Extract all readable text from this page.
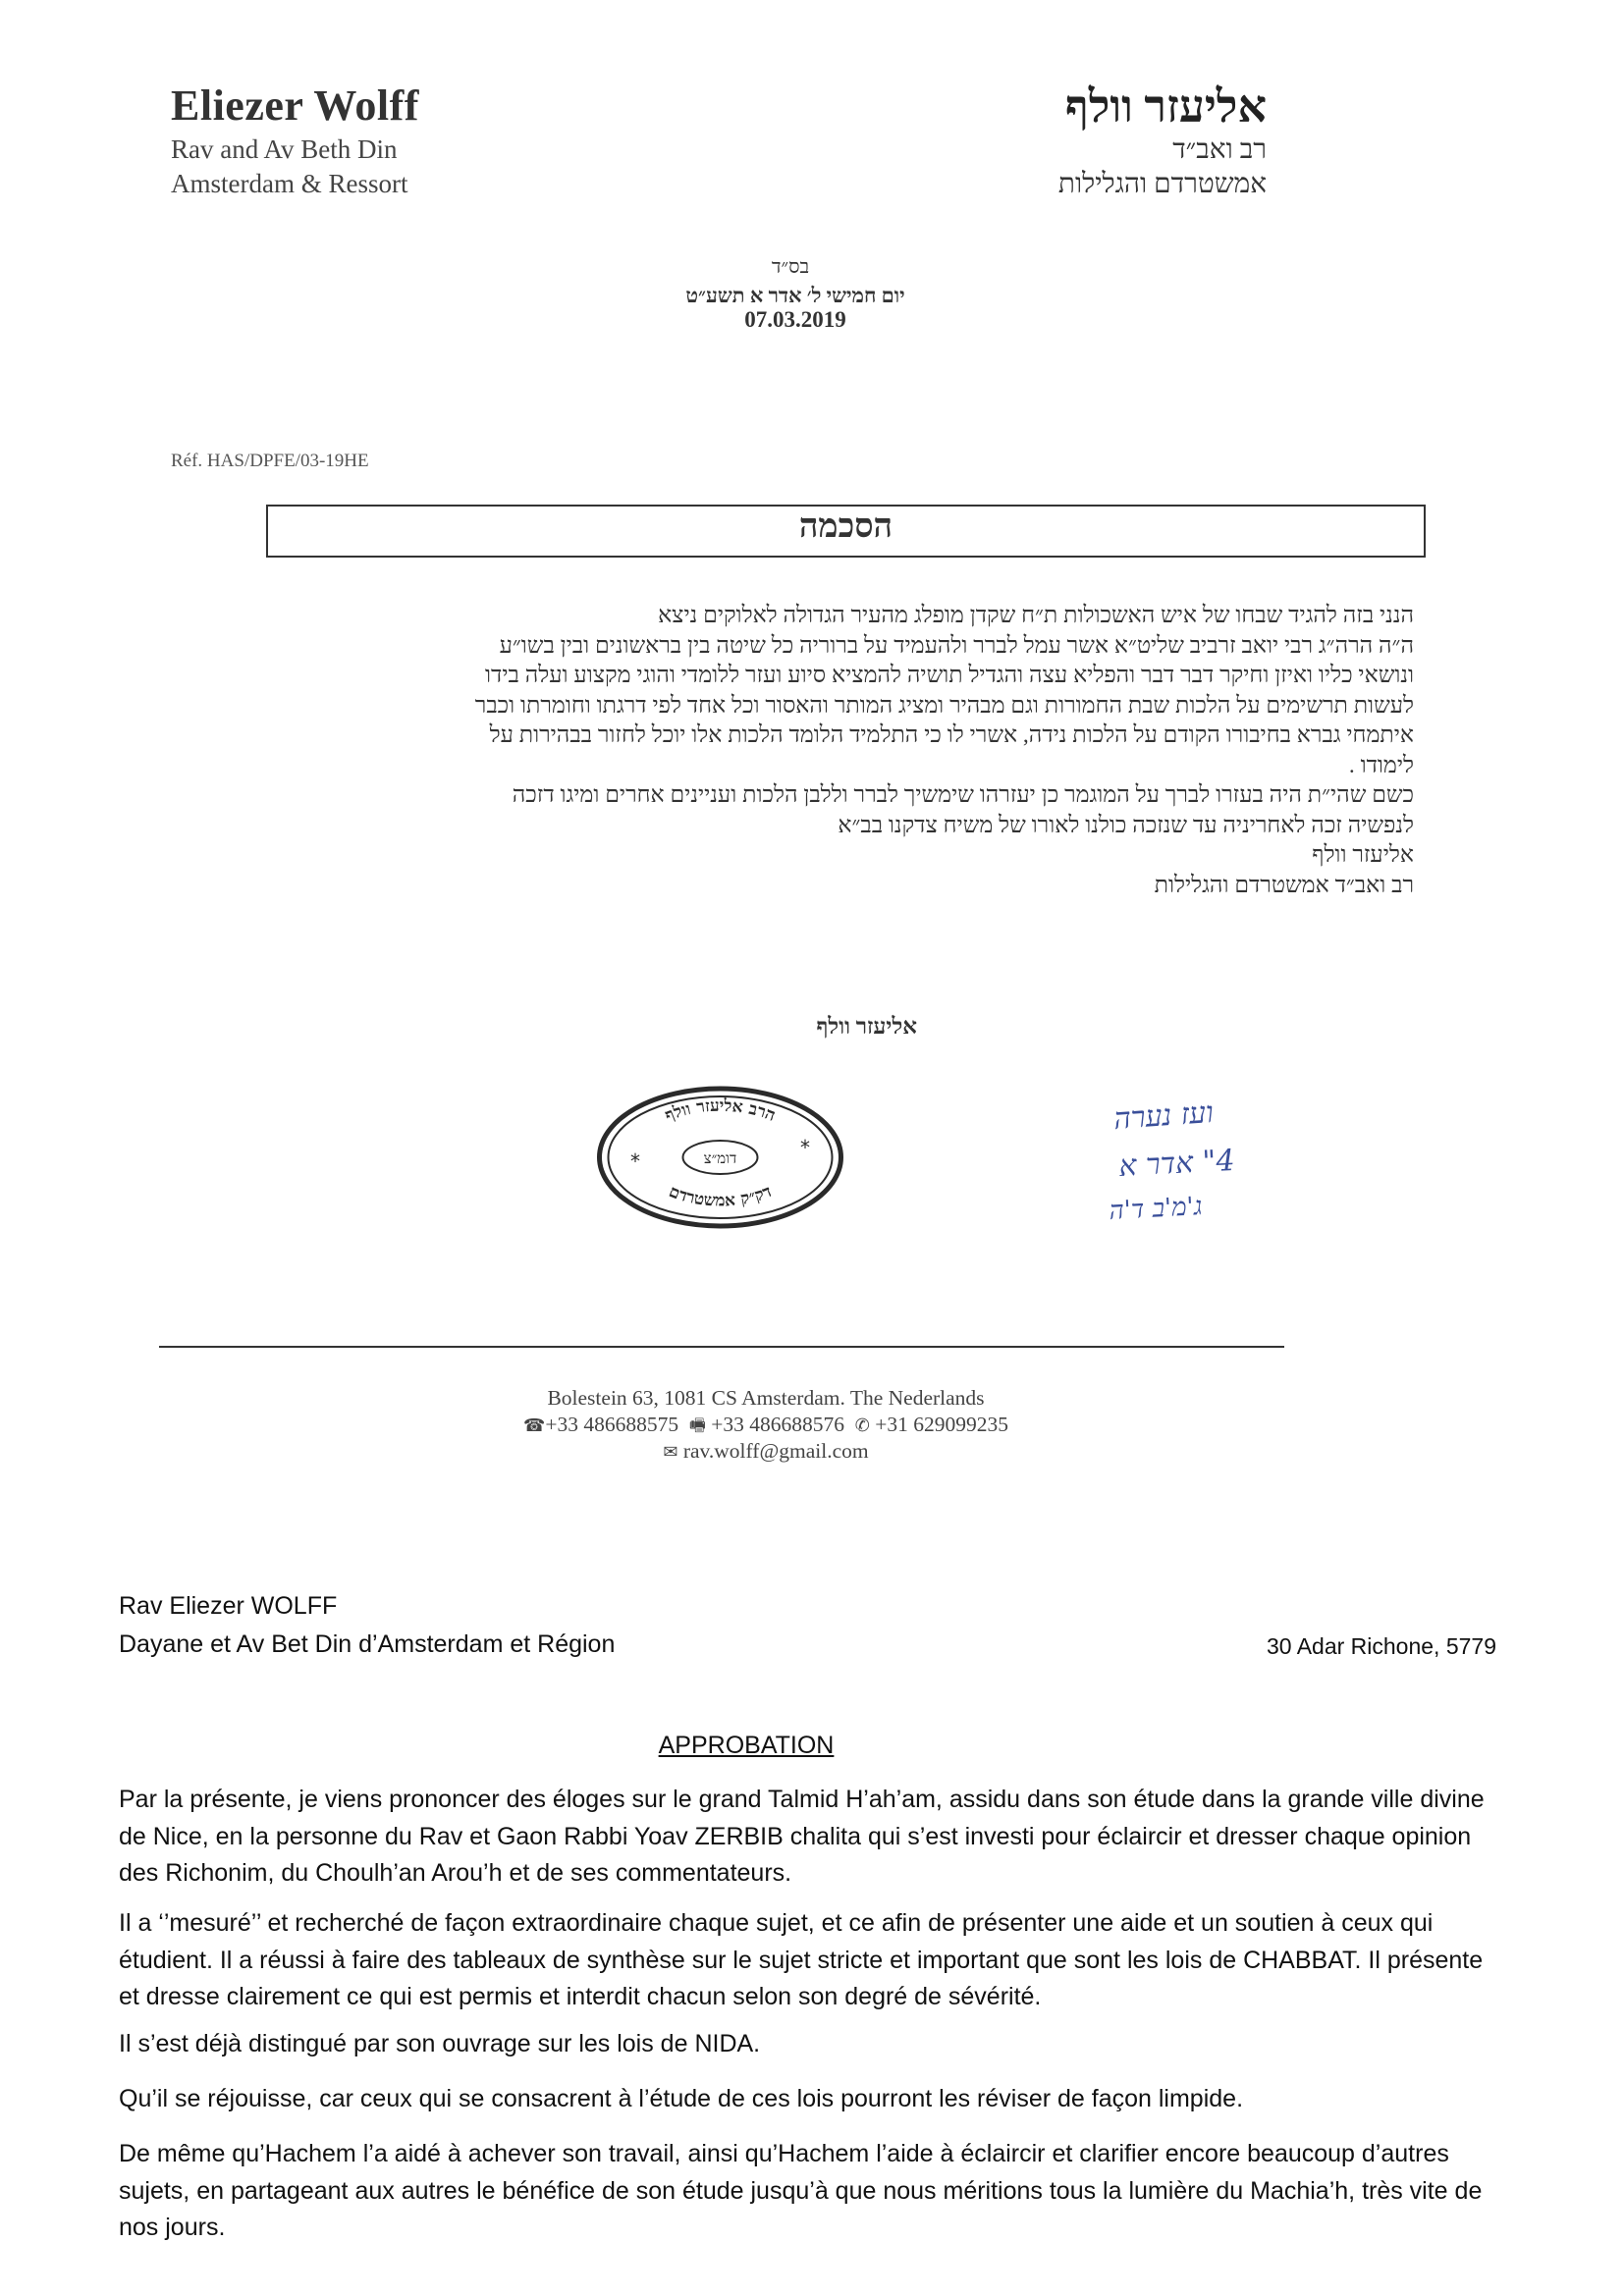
Eliezer Wolff
Rav and Av Beth Din
Amsterdam & Ressort
אליעזר וולף
רב ואב״ד
אמשטרדם והגלילות
בס״ד
יום חמישי ל׳ אדר א תשע״ט
07.03.2019
Réf. HAS/DPFE/03-19HE
הסכמה
הנני בזה להגיד שבחו של איש האשכולות ת״ח שקדן מופלג מהעיר הגדולה לאלוקים ניצא
ה״ה הרה״ג רבי יואב זרביב שליט״א אשר עמל לברר ולהעמיד על ברוריה כל שיטה בין בראשונים ובין בשו״ע
ונושאי כליו ואיזן וחיקר דבר דבר והפליא עצה והגדיל תושיה להמציא סיוע ועזר ללומדי והוגי מקצוע ועלה בידו
לעשות תרשימים על הלכות שבת החמורות וגם מבהיר ומציג המותר והאסור וכל אחד לפי דרגתו וחומרתו וכבר
איתמחי גברא בחיבורו הקודם על הלכות נידה, אשרי לו כי התלמיד הלומד הלכות אלו יוכל לחזור בבהירות על
לימודו .
כשם שהי״ת היה בעזרו לברך על המוגמר כן יעזרהו שימשיך לברר וללבן הלכות ועניינים אחרים ומיגו דזכה
לנפשיה זכה לאחריניה עד שנזכה כולנו לאורו של משיח צדקנו בב״א
אליעזר וולף
רב ואב״ד אמשטרדם והגלילות
אליעזר וולף
הרב אליעזר וולף
דומ״צ
דק״ק אמשטרדם
*
*
ועז נערה
4" אדר א
ג'מ'ב ד'ה
Bolestein 63, 1081 CS Amsterdam. The Nederlands
☎+33 486688575 🖷 +33 486688576 ✆ +31 629099235
✉ rav.wolff@gmail.com
Rav Eliezer WOLFF
Dayane et Av Bet Din d’Amsterdam et Région	30 Adar Richone, 5779
APPROBATION
Par la présente, je viens prononcer des éloges sur le grand Talmid H’ah’am, assidu dans son étude dans la grande ville divine de Nice, en la personne du Rav et Gaon Rabbi Yoav ZERBIB chalita qui s’est investi pour éclaircir et dresser chaque opinion des Richonim, du Choulh’an Arou’h et de ses commentateurs.
Il a ‘’mesuré’’ et recherché de façon extraordinaire chaque sujet, et ce afin de présenter une aide et un soutien à ceux qui étudient. Il a réussi à faire des tableaux de synthèse sur le sujet stricte et important que sont les lois de CHABBAT. Il présente et dresse clairement ce qui est permis et interdit chacun selon son degré de sévérité.
Il s’est déjà distingué par son ouvrage sur les lois de NIDA.
Qu’il se réjouisse, car ceux qui se consacrent à l’étude de ces lois pourront les réviser de façon limpide.
De même qu’Hachem l’a aidé à achever son travail, ainsi qu’Hachem l’aide à éclaircir et clarifier encore beaucoup d’autres sujets, en partageant aux autres le bénéfice de son étude jusqu’à que nous méritions tous la lumière du Machia’h, très vite de nos jours.
